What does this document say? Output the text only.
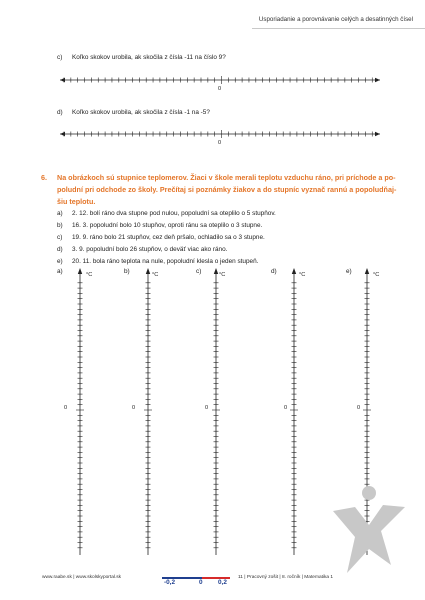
Usporiadanie a porovnávanie celých a desatinných čísel
c) Koľko skokov urobila, ak skočila z čísla -11 na číslo 9?
0
d) Koľko skokov urobila, ak skočila z čísla -1 na -5?
0
6. Na obrázkoch sú stupnice teplomerov. Žiaci v škole merali teplotu vzduchu ráno, pri príchode a po-
poludní pri odchode zo školy. Prečítaj si poznámky žiakov a do stupníc vyznač rannú a popoludňaj-
šiu teplotu.
a) 2. 12. bolí ráno dva stupne pod nulou, popoludní sa oteplilo o 5 stupňov.
b) 16. 3. popoludní bolo 10 stupňov, oproti ránu sa oteplilo o 3 stupne.
c) 19. 9. ráno bolo 21 stupňov, cez deň pršalo, ochladilo sa o 3 stupne.
d) 3. 9. popoludní bolo 26 stupňov, o deväť viac ako ráno.
e) 20. 11. bola ráno teplota na nule, popoludní klesla o jeden stupeň.
a)	°C
0
b)	°C
0
c)	°C
0
d)	°C
0
e)	°C
0
www.raabe.sk | www.skolskyportal.sk
-0,2	0 0,2
11 | Pracovný zošit | 8. ročník | Matematika 1
